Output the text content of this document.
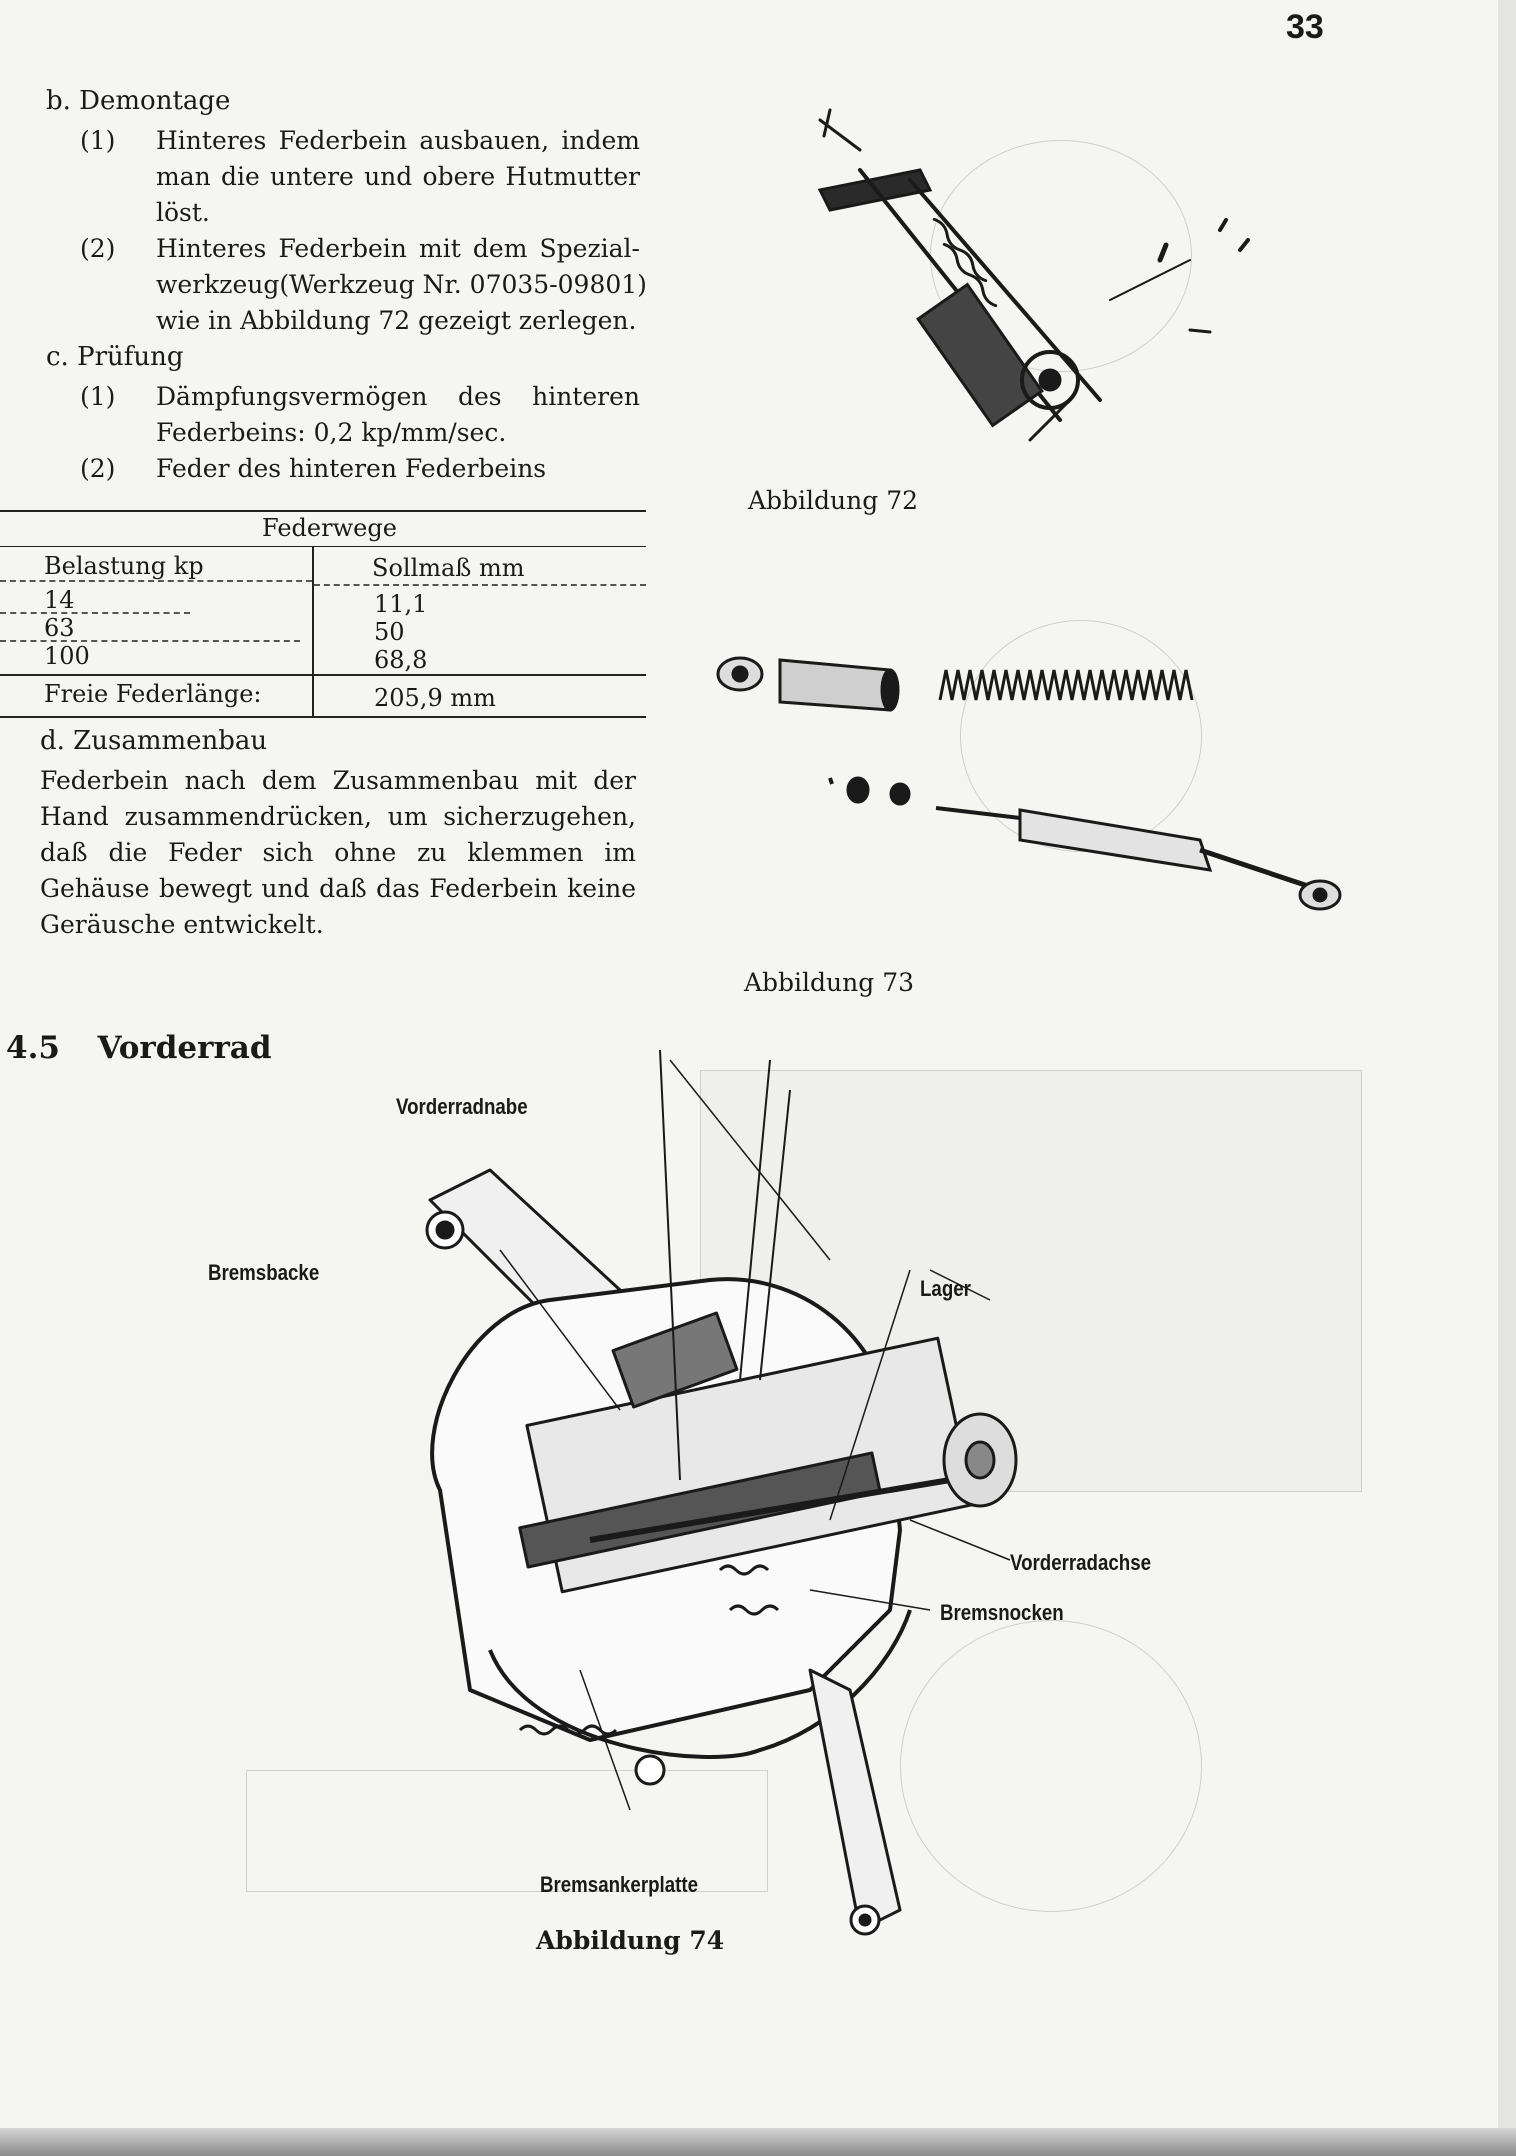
33
b. Demontage
(1) Hinteres Federbein ausbauen, indem
man die untere und obere Hutmutter
löst.
(2) Hinteres Federbein mit dem Spezial-
werkzeug(Werkzeug Nr. 07035-09801)
wie in Abbildung 72 gezeigt zerlegen.
c. Prüfung
(1) Dämpfungsvermögen des hinteren
Federbeins: 0,2 kp/mm/sec.
(2) Feder des hinteren Federbeins
Federwege
Belastung kp	Sollmaß mm
14	11,1
63	50
100	68,8
Freie Federlänge:	205,9 mm
d. Zusammenbau
Federbein nach dem Zusammenbau mit der
Hand zusammendrücken, um sicherzugehen,
daß die Feder sich ohne zu klemmen im
Gehäuse bewegt und daß das Federbein keine
Geräusche entwickelt.
4.5 Vorderrad
Abbildung 72
Abbildung 73
Vorderradnabe
Bremsbacke
Lager
Vorderradachse
Bremsnocken
Bremsankerplatte
Abbildung 74
